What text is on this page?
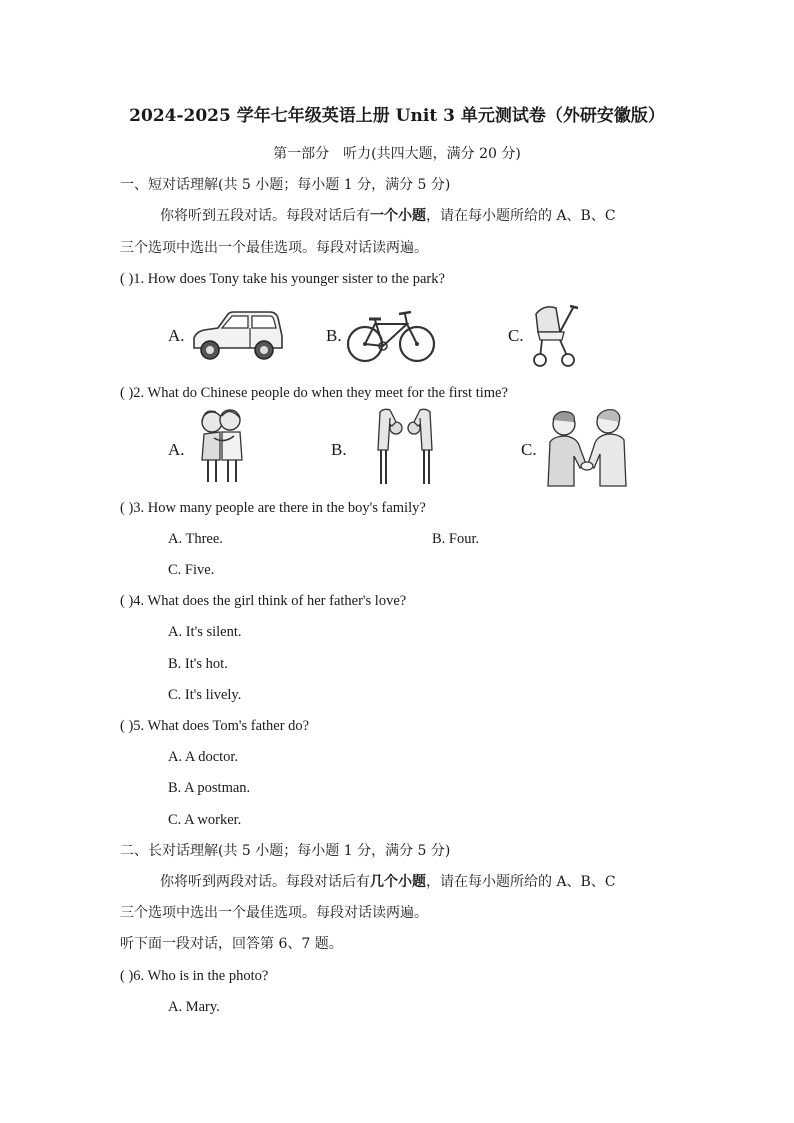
2024-2025 学年七年级英语上册 Unit 3 单元测试卷（外研安徽版）
第一部分　听力(共四大题，满分 20 分)
一、短对话理解(共 5 小题；每小题 1 分，满分 5 分)
你将听到五段对话。每段对话后有一个小题，请在每小题所给的 A、B、C
三个选项中选出一个最佳选项。每段对话读两遍。
( )1. How does Tony take his younger sister to the park?
A.	B.	C.
( )2. What do Chinese people do when they meet for the first time?
A.	B.	C.
( )3. How many people are there in the boy's family?
A. Three.	B. Four.
C. Five.
( )4. What does the girl think of her father's love?
A. It's silent.
B. It's hot.
C. It's lively.
( )5. What does Tom's father do?
A. A doctor.
B. A postman.
C. A worker.
二、长对话理解(共 5 小题；每小题 1 分，满分 5 分)
你将听到两段对话。每段对话后有几个小题，请在每小题所给的 A、B、C
三个选项中选出一个最佳选项。每段对话读两遍。
听下面一段对话，回答第 6、7 题。
( )6. Who is in the photo?
A. Mary.
